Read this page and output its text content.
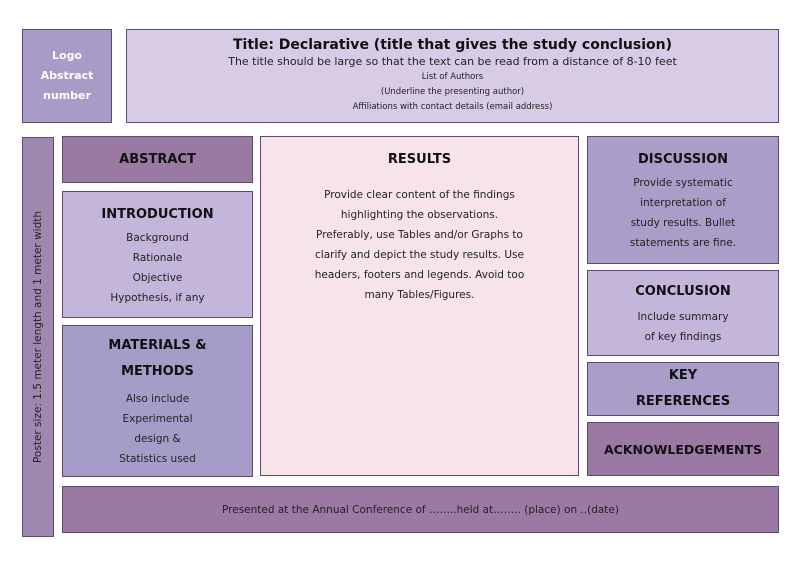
Logo
Abstract
number
Title: Declarative (title that gives the study conclusion)
The title should be large so that the text can be read from a distance of 8-10 feet
List of Authors
(Underline the presenting author)
Affiliations with contact details (email address)
Poster size: 1.5 meter length and 1 meter width
ABSTRACT
INTRODUCTION
Background
Rationale
Objective
Hypothesis, if any
MATERIALS &
METHODS
Also include
Experimental
design &
Statistics used
RESULTS
Provide clear content of the findings
highlighting the observations.
Preferably, use Tables and/or Graphs to
clarify and depict the study results. Use
headers, footers and legends. Avoid too
many Tables/Figures.
DISCUSSION
Provide systematic
interpretation of
study results. Bullet
statements are fine.
CONCLUSION
Include summary
of key findings
KEY
REFERENCES
ACKNOWLEDGEMENTS
Presented at the Annual Conference of ……..held at…….. (place) on ..(date)
